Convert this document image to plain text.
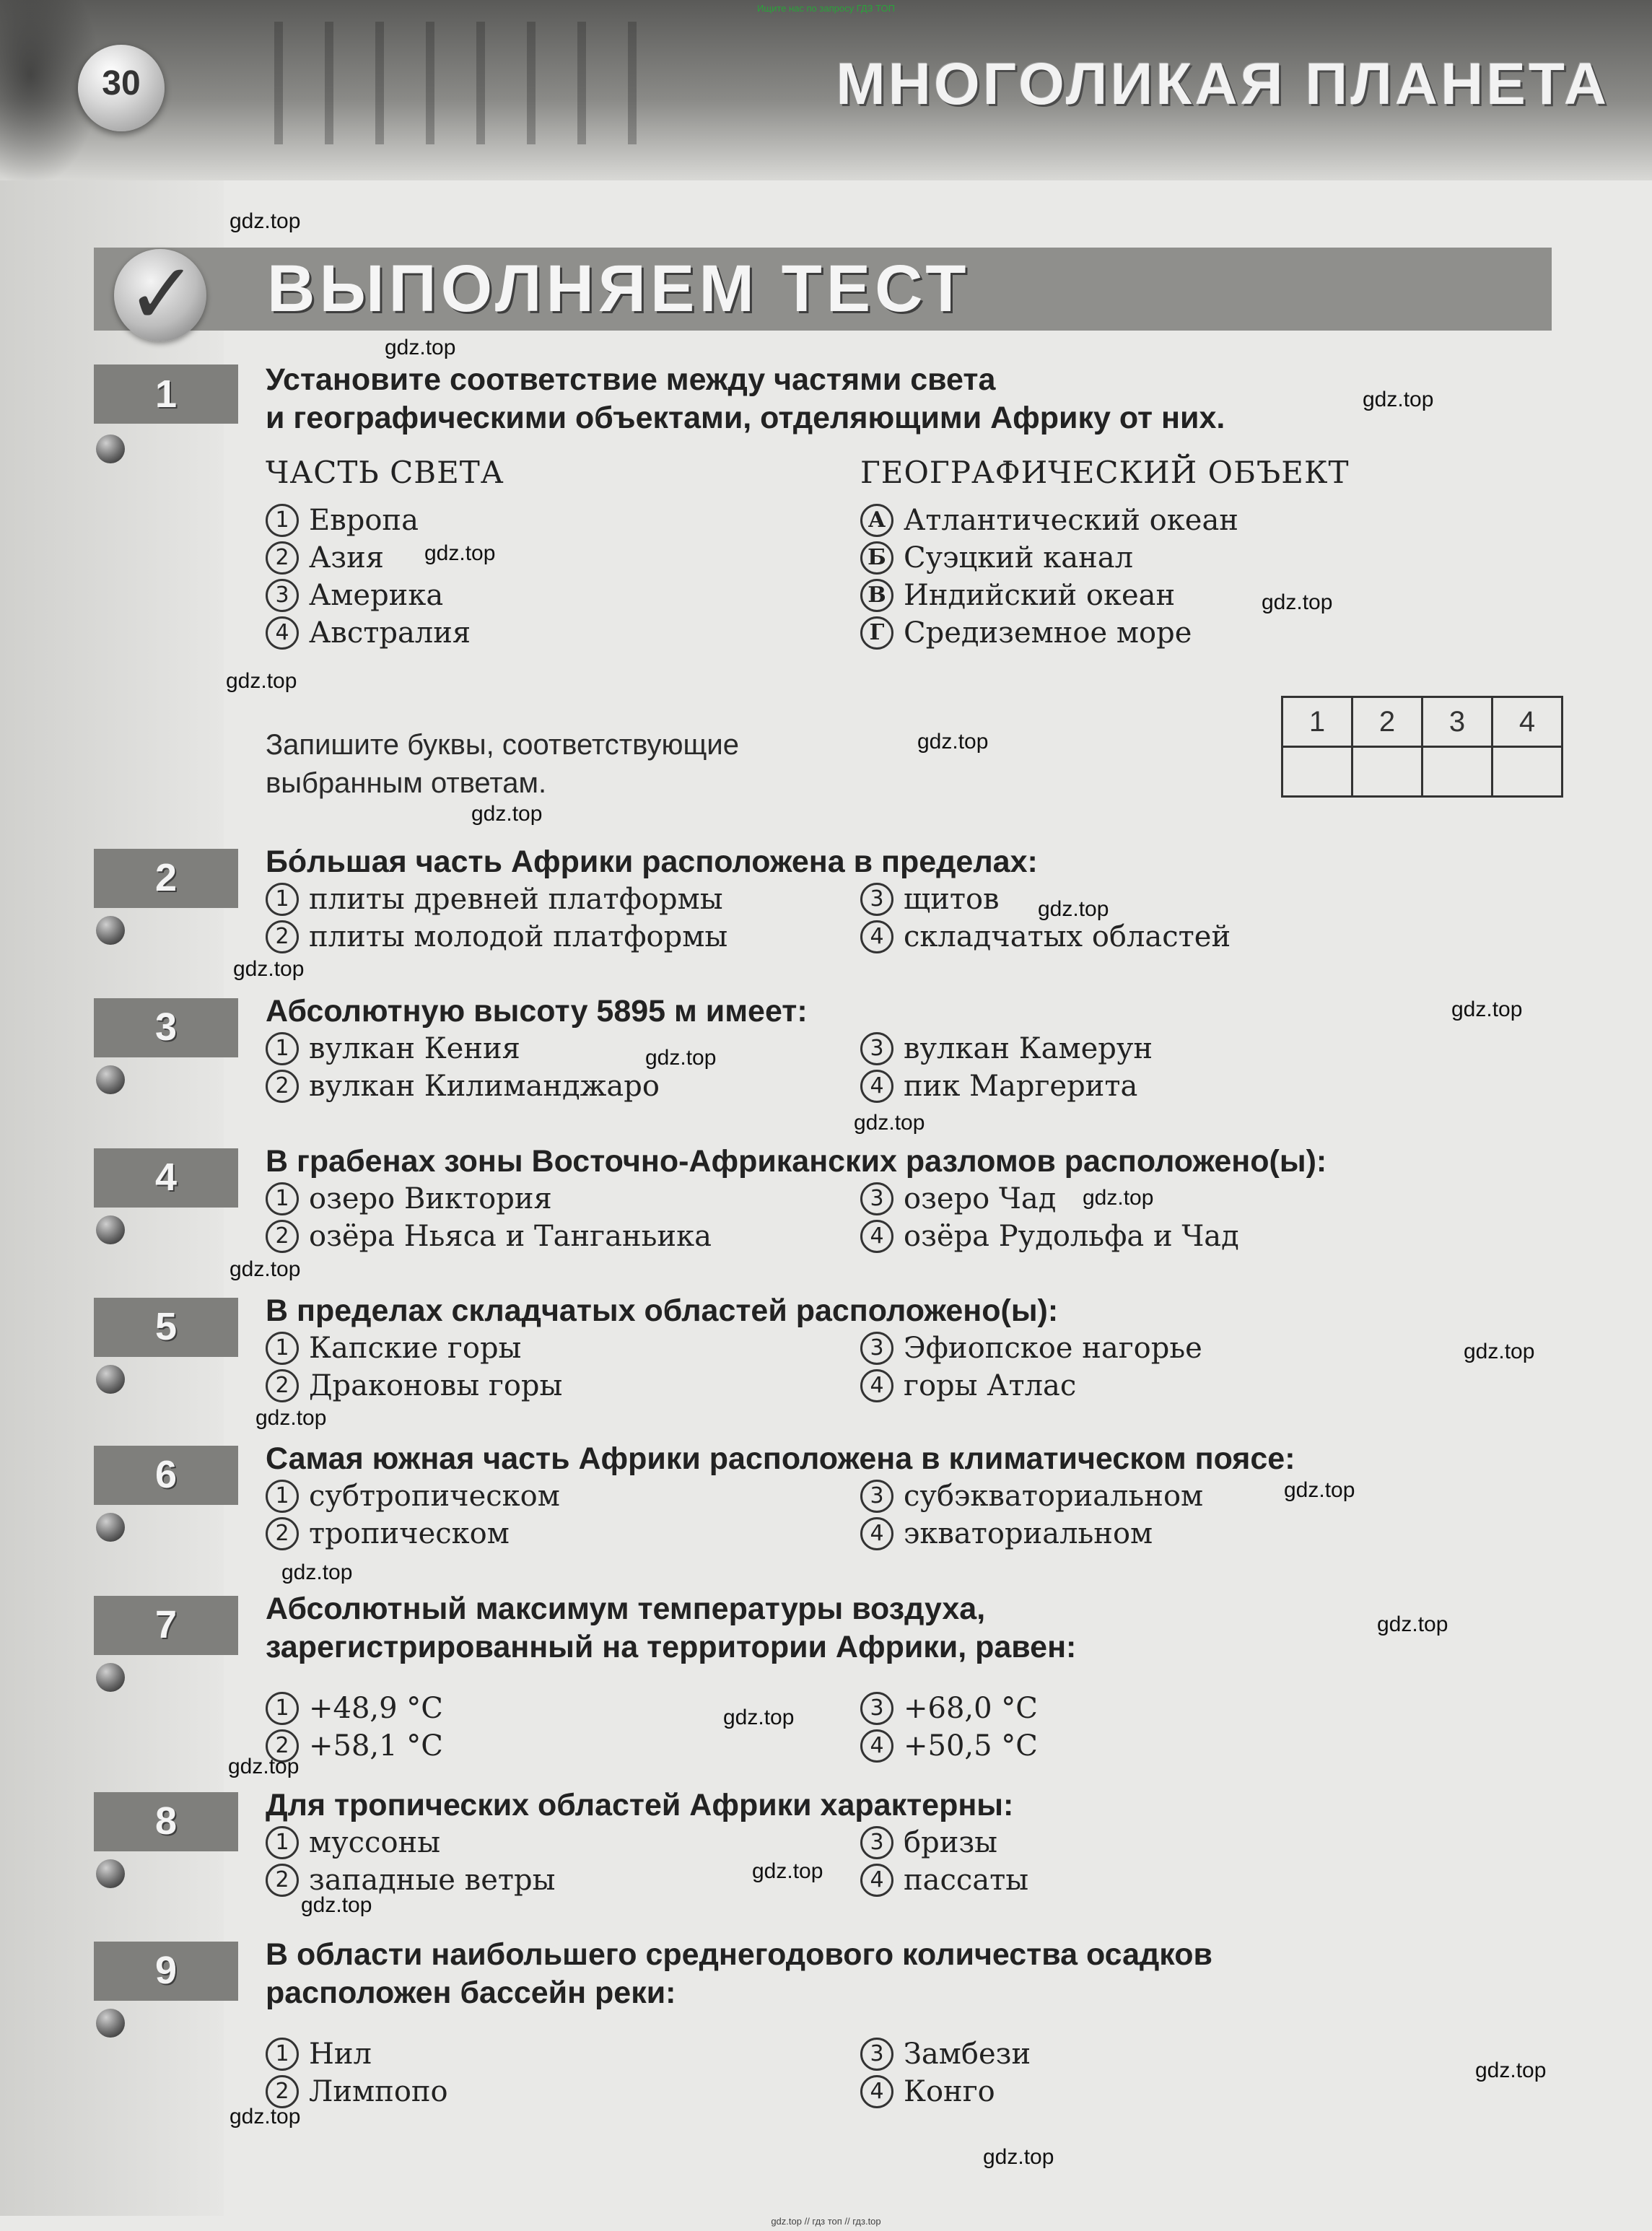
Ищите нас по запросу ГДЗ ТОП
30	МНОГОЛИКАЯ ПЛАНЕТА
✓ ВЫПОЛНЯЕМ ТЕСТ
1	Установите соответствие между частями света
и географическими объектами, отделяющими Африку от них.
ЧАСТЬ СВЕТА	ГЕОГРАФИЧЕСКИЙ ОБЪЕКТ
1 Европа
2 Азия
3 Америка
4 Австралия
А Атлантический океан
Б Суэцкий канал
В Индийский океан
Г Средиземное море
Запишите буквы, соответствующие
выбранным ответам.
1	2	3	4

2	Бо́льшая часть Африки расположена в пределах:
1 плиты древней платформы
2 плиты молодой платформы
3 щитов
4 складчатых областей
3	Абсолютную высоту 5895 м имеет:
1 вулкан Кения
2 вулкан Килиманджаро
3 вулкан Камерун
4 пик Маргерита
4	В грабенах зоны Восточно-Африканских разломов расположено(ы):
1 озеро Виктория
2 озёра Ньяса и Танганьика
3 озеро Чад
4 озёра Рудольфа и Чад
5	В пределах складчатых областей расположено(ы):
1 Капские горы
2 Драконовы горы
3 Эфиопское нагорье
4 горы Атлас
6	Самая южная часть Африки расположена в климатическом поясе:
1 субтропическом
2 тропическом
3 субэкваториальном
4 экваториальном
7	Абсолютный максимум температуры воздуха,
зарегистрированный на территории Африки, равен:
1 +48,9 °C
2 +58,1 °C
3 +68,0 °C
4 +50,5 °C
8	Для тропических областей Африки характерны:
1 муссоны
2 западные ветры
3 бризы
4 пассаты
9	В области наибольшего среднегодового количества осадков
расположен бассейн реки:
1 Нил
2 Лимпопо
3 Замбези
4 Конго
gdz.top
gdz.top
gdz.top
gdz.top
gdz.top
gdz.top
gdz.top
gdz.top
gdz.top
gdz.top
gdz.top
gdz.top
gdz.top
gdz.top
gdz.top
gdz.top
gdz.top
gdz.top
gdz.top
gdz.top
gdz.top
gdz.top
gdz.top
gdz.top
gdz.top
gdz.top
gdz.top
gdz.top // гдз топ // гдз.top
